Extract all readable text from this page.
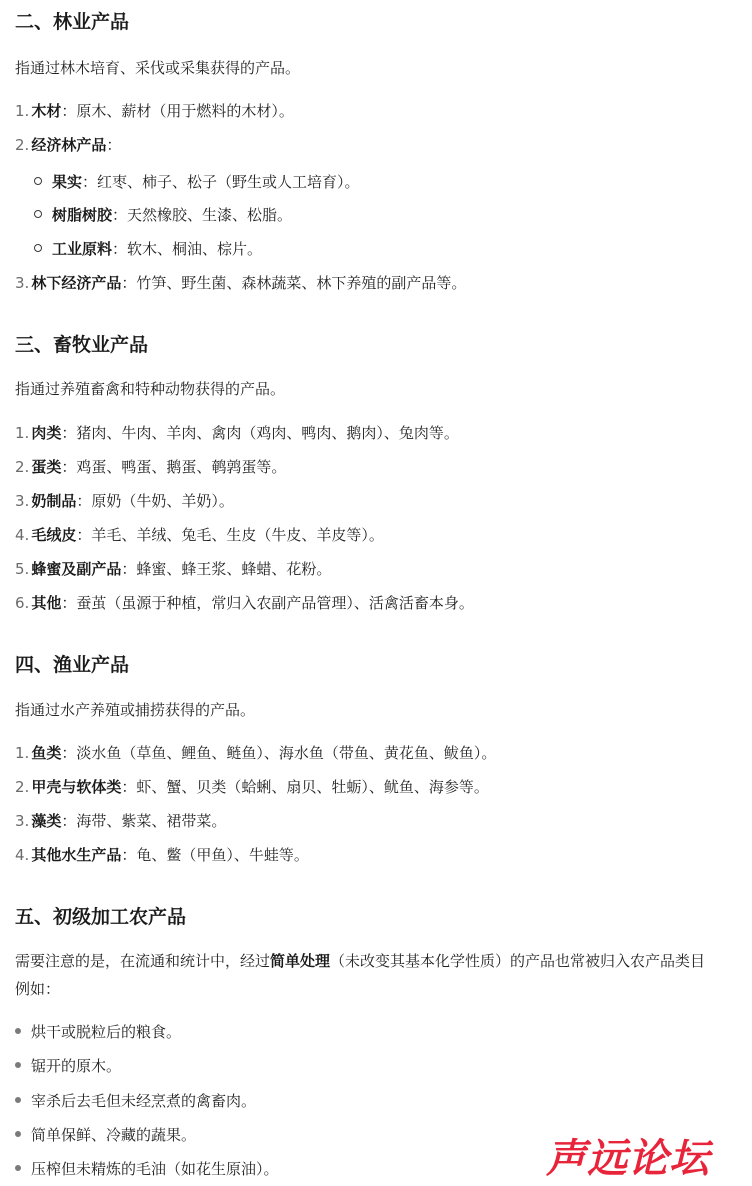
二、林业产品

指通过林木培育、采伐或采集获得的产品。

1. 木材：原木、薪材（用于燃料的木材）。

2. 经济林产品：

果实：红枣、柿子、松子（野生或人工培育）。

树脂树胶：天然橡胶、生漆、松脂。

工业原料：软木、桐油、棕片。

3. 林下经济产品：竹笋、野生菌、森林蔬菜、林下养殖的副产品等。

三、畜牧业产品

指通过养殖畜禽和特种动物获得的产品。

1. 肉类：猪肉、牛肉、羊肉、禽肉（鸡肉、鸭肉、鹅肉）、兔肉等。

2. 蛋类：鸡蛋、鸭蛋、鹅蛋、鹌鹑蛋等。

3. 奶制品：原奶（牛奶、羊奶）。

4. 毛绒皮：羊毛、羊绒、兔毛、生皮（牛皮、羊皮等）。

5. 蜂蜜及副产品：蜂蜜、蜂王浆、蜂蜡、花粉。

6. 其他：蚕茧（虽源于种植，常归入农副产品管理）、活禽活畜本身。

四、渔业产品

指通过水产养殖或捕捞获得的产品。

1. 鱼类：淡水鱼（草鱼、鲤鱼、鲢鱼）、海水鱼（带鱼、黄花鱼、鲅鱼）。

2. 甲壳与软体类：虾、蟹、贝类（蛤蜊、扇贝、牡蛎）、鱿鱼、海参等。

3. 藻类：海带、紫菜、裙带菜。

4. 其他水生产品：龟、鳖（甲鱼）、牛蛙等。

五、初级加工农产品

需要注意的是，在流通和统计中，经过简单处理（未改变其基本化学性质）的产品也常被归入农产品类目

例如：

烘干或脱粒后的粮食。

锯开的原木。

宰杀后去毛但未经烹煮的禽畜肉。

简单保鲜、冷藏的蔬果。

压榨但未精炼的毛油（如花生原油）。	声远论坛
